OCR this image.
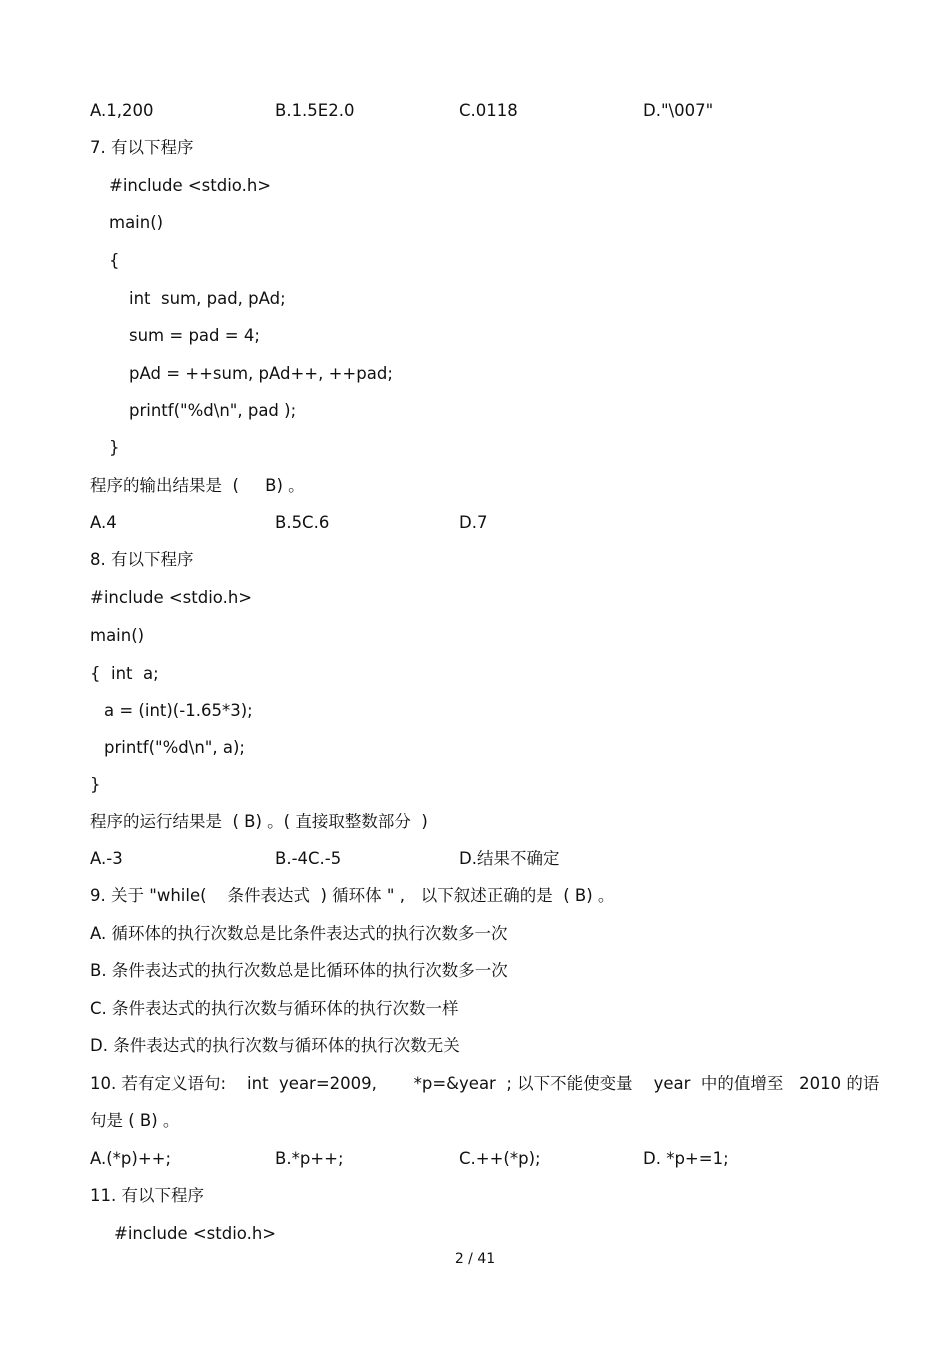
A.1,200	B.1.5E2.0	C.0118	D."\007"
7. 有以下程序
#include <stdio.h>
main()
{
int  sum, pad, pAd;
sum = pad = 4;
pAd = ++sum, pAd++, ++pad;
printf("%d\n", pad );
}
程序的输出结果是  (     B) 。
A.4	B.5C.6	D.7
8. 有以下程序
#include <stdio.h>
main()
{  int  a;
a = (int)(-1.65*3);
printf("%d\n", a);
}
程序的运行结果是  ( B) 。( 直接取整数部分  )
A.-3	B.-4C.-5	D.结果不确定
9. 关于 "while(    条件表达式  ) 循环体 " ,   以下叙述正确的是  ( B) 。
A. 循环体的执行次数总是比条件表达式的执行次数多一次
B. 条件表达式的执行次数总是比循环体的执行次数多一次
C. 条件表达式的执行次数与循环体的执行次数一样
D. 条件表达式的执行次数与循环体的执行次数无关
10. 若有定义语句:    int  year=2009,       *p=&year  ; 以下不能使变量    year  中的值增至   2010 的语
句是 ( B) 。
A.(*p)++;	B.*p++;	C.++(*p);	D. *p+=1;
11. 有以下程序
#include <stdio.h>
2 / 41
